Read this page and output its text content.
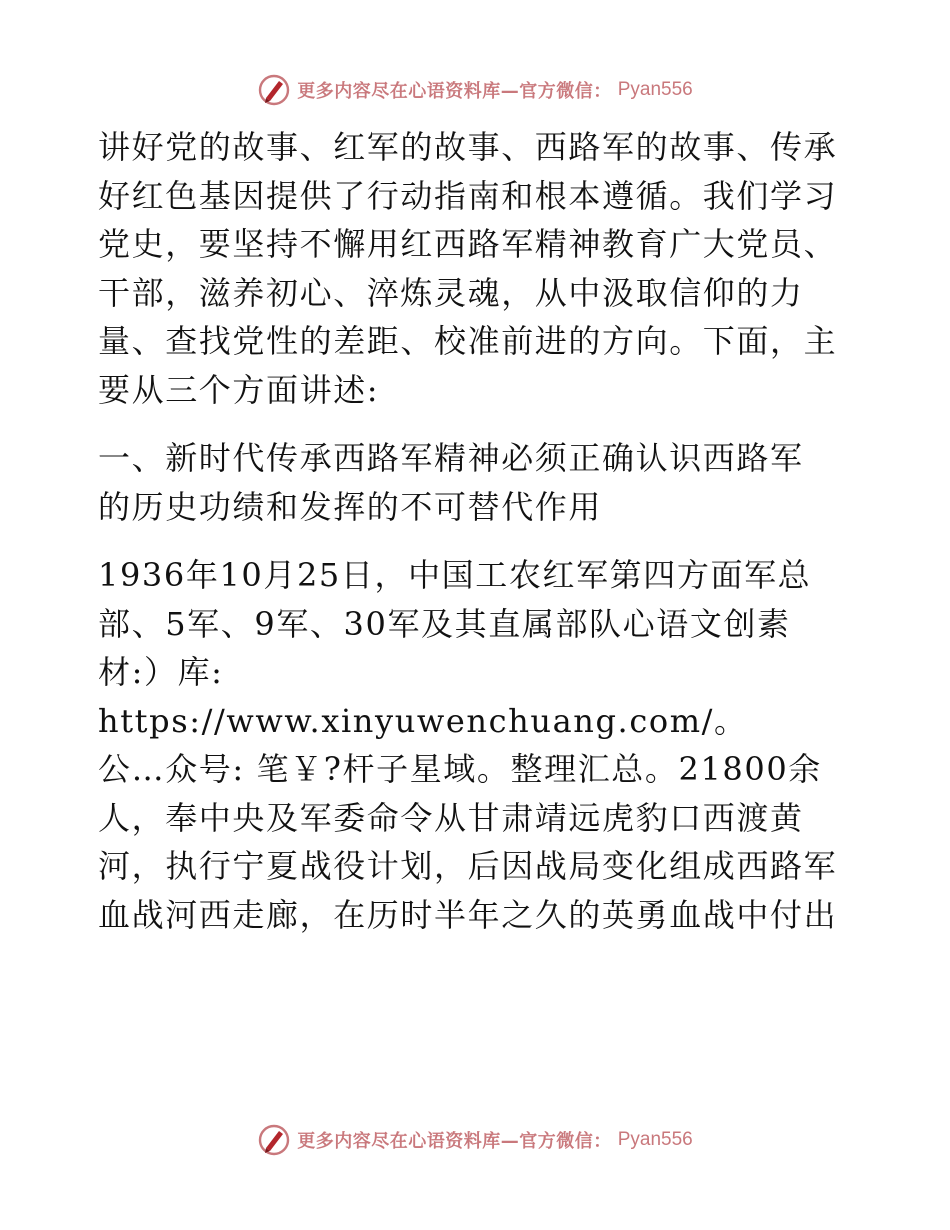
更多内容尽在心语资料库—官方微信： Pyan556

讲好党的故事、红军的故事、西路军的故事、传承
好红色基因提供了行动指南和根本遵循。我们学习
党史，要坚持不懈用红西路军精神教育广大党员、
干部，滋养初心、淬炼灵魂，从中汲取信仰的力
量、查找党性的差距、校准前进的方向。下面，主
要从三个方面讲述:

一、新时代传承西路军精神必须正确认识西路军
的历史功绩和发挥的不可替代作用

1936年10月25日，中国工农红军第四方面军总
部、5军、9军、30军及其直属部队心语文创素
材:）库: https://www.xinyuwenchuang.com/。
公…众号: 笔￥?杆子星域。整理汇总。21800余
人，奉中央及军委命令从甘肃靖远虎豹口西渡黄
河，执行宁夏战役计划，后因战局变化组成西路军
血战河西走廊，在历时半年之久的英勇血战中付出

更多内容尽在心语资料库—官方微信： Pyan556
